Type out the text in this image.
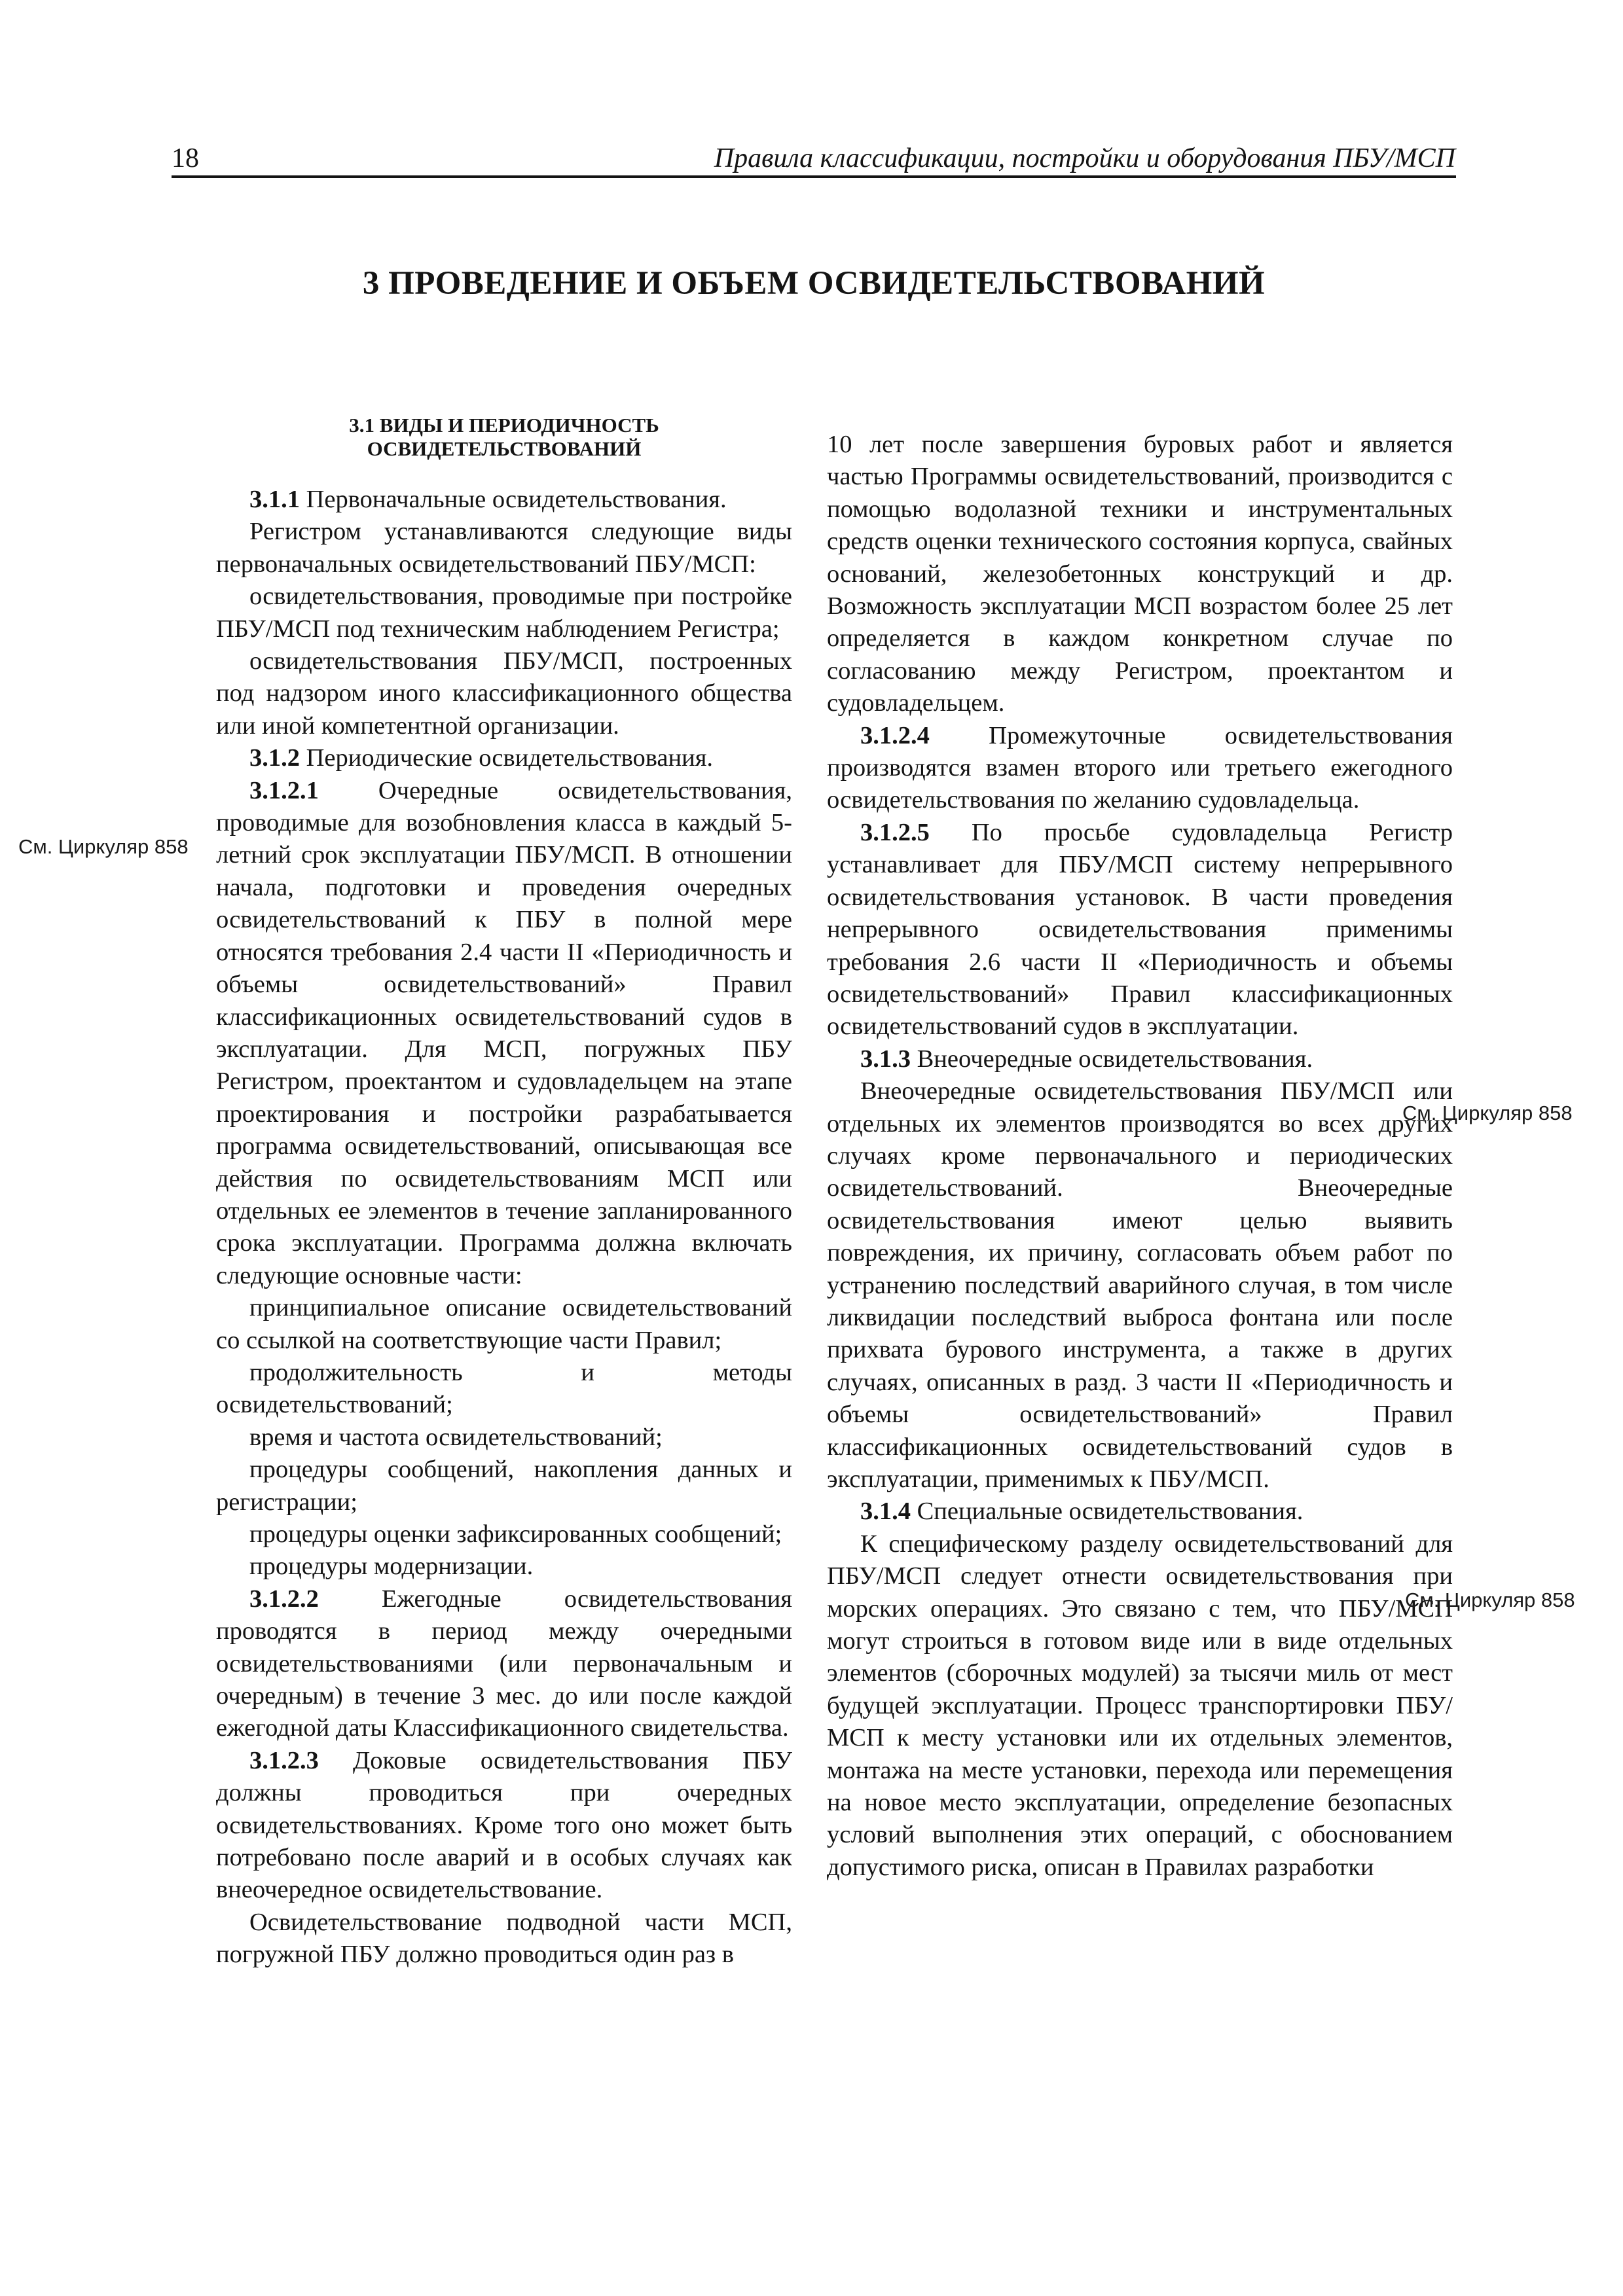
18	Правила классификации, постройки и оборудования ПБУ/МСП
3 ПРОВЕДЕНИЕ И ОБЪЕМ ОСВИДЕТЕЛЬСТВОВАНИЙ
3.1 ВИДЫ И ПЕРИОДИЧНОСТЬ
ОСВИДЕТЕЛЬСТВОВАНИЙ

3.1.1 Первоначальные освидетельствования.

Регистром устанавливаются следующие виды первоначальных освидетельствований ПБУ/МСП:

освидетельствования, проводимые при постройке ПБУ/МСП под техническим наблюдением Регистра;

освидетельствования ПБУ/МСП, построенных под надзором иного классификационного общества или иной компетентной организации.

3.1.2 Периодические освидетельствования.

3.1.2.1 Очередные освидетельствования, проводимые для возобновления класса в каждый 5-летний срок эксплуатации ПБУ/МСП. В отношении начала, подготовки и проведения очередных освидетельствований к ПБУ в полной мере относятся требования 2.4 части II «Периодичность и объемы освидетельствований» Правил классификационных освидетельствований судов в эксплуатации. Для МСП, погружных ПБУ Регистром, проектантом и судовладельцем на этапе проектирования и постройки разрабатывается программа освидетельствований, описывающая все действия по освидетельствованиям МСП или отдельных ее элементов в течение запланированного срока эксплуатации. Программа должна включать следующие основные части:

принципиальное описание освидетельствований со ссылкой на соответствующие части Правил;

продолжительность и методы освидетельствований;

время и частота освидетельствований;

процедуры сообщений, накопления данных и регистрации;

процедуры оценки зафиксированных сообщений;

процедуры модернизации.

3.1.2.2 Ежегодные освидетельствования проводятся в период между очередными освидетельствованиями (или первоначальным и очередным) в течение 3 мес. до или после каждой ежегодной даты Классификационного свидетельства.

3.1.2.3 Доковые освидетельствования ПБУ должны проводиться при очередных освидетельствованиях. Кроме того оно может быть потребовано после аварий и в особых случаях как внеочередное освидетельствование.

Освидетельствование подводной части МСП, погружной ПБУ должно проводиться один раз в

10 лет после завершения буровых работ и является частью Программы освидетельствований, производится с помощью водолазной техники и инструментальных средств оценки технического состояния корпуса, свайных оснований, железобетонных конструкций и др. Возможность эксплуатации МСП возрастом более 25 лет определяется в каждом конкретном случае по согласованию между Регистром, проектантом и судовладельцем.

3.1.2.4 Промежуточные освидетельствования производятся взамен второго или третьего ежегодного освидетельствования по желанию судовладельца.

3.1.2.5 По просьбе судовладельца Регистр устанавливает для ПБУ/МСП систему непрерывного освидетельствования установок. В части проведения непрерывного освидетельствования применимы требования 2.6 части II «Периодичность и объемы освидетельствований» Правил классификационных освидетельствований судов в эксплуатации.

3.1.3 Внеочередные освидетельствования.

Внеочередные освидетельствования ПБУ/МСП или отдельных их элементов производятся во всех других случаях кроме первоначального и периодических освидетельствований. Внеочередные освидетельствования имеют целью выявить повреждения, их причину, согласовать объем работ по устранению последствий аварийного случая, в том числе ликвидации последствий выброса фонтана или после прихвата бурового инструмента, а также в других случаях, описанных в разд. 3 части II «Периодичность и объемы освидетельствований» Правил классификационных освидетельствований судов в эксплуатации, применимых к ПБУ/МСП.

3.1.4 Специальные освидетельствования.

К специфическому разделу освидетельствований для ПБУ/МСП следует отнести освидетельствования при морских операциях. Это связано с тем, что ПБУ/МСП могут строиться в готовом виде или в виде отдельных элементов (сборочных модулей) за тысячи миль от мест будущей эксплуатации. Процесс транспортировки ПБУ/МСП к месту установки или их отдельных элементов, монтажа на месте установки, перехода или перемещения на новое место эксплуатации, определение безопасных условий выполнения этих операций, с обоснованием допустимого риска, описан в Правилах разработки

См. Циркуляр 858
См. Циркуляр 858
См. Циркуляр 858
